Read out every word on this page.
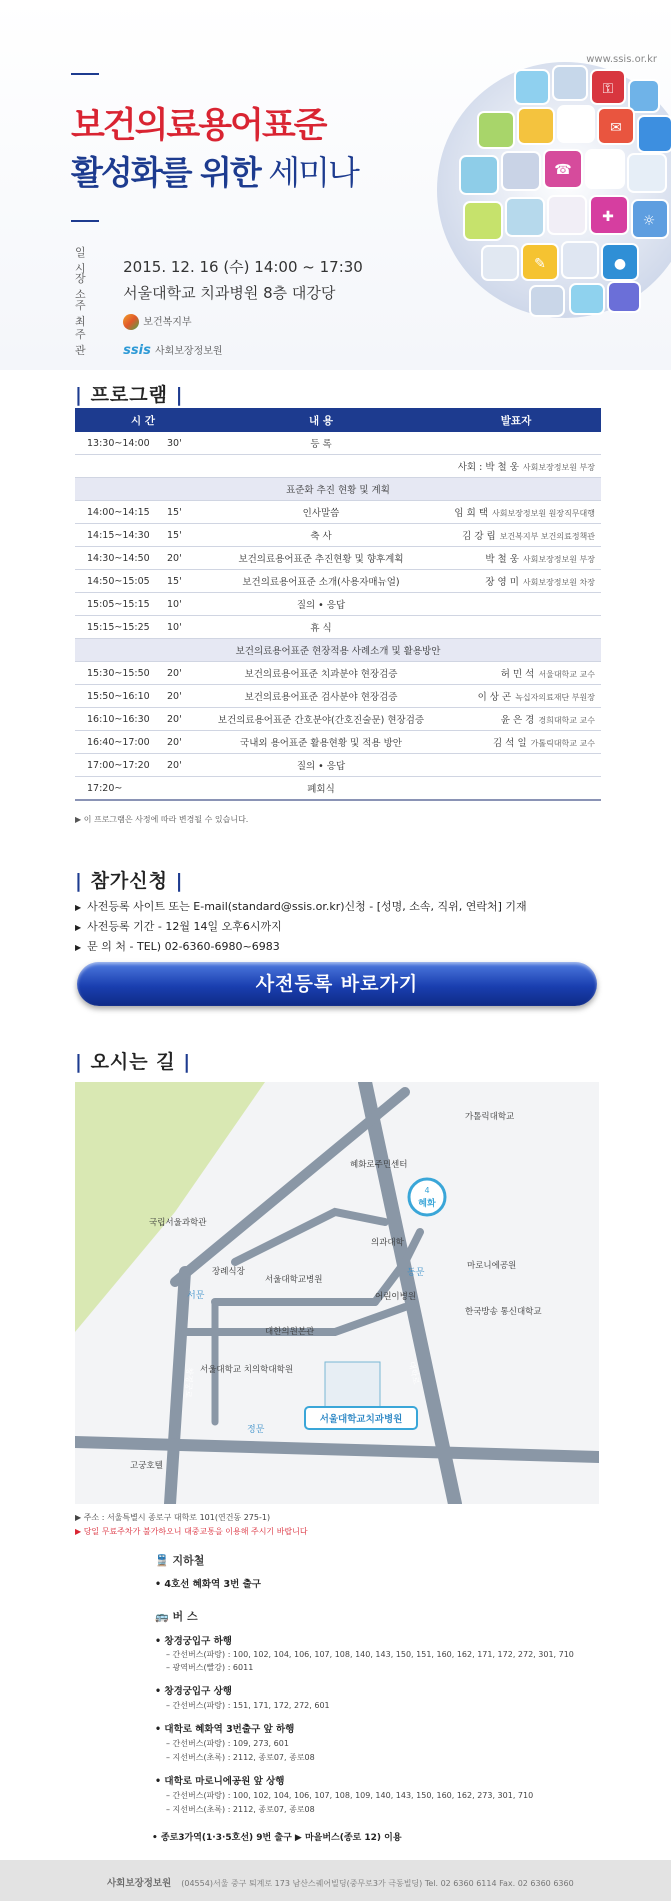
www.ssis.or.kr
⚿
✉
☎
✚ ☼
✎	●
보건의료용어표준
활성화를 위한 세미나
일 시 2015. 12. 16 (수) 14:00 ~ 17:30
장 소 서울대학교 치과병원 8층 대강당
주 최	보건복지부
주 관 ssis 사회보장정보원
| 프로그램 |
시 간		내 용	발표자
13:30~14:00	30'	등 록	
			사회 : 박 철 웅 사회보장정보원 부장
표준화 추진 현황 및 계획			
14:00~14:15	15'	인사말씀	임 희 택 사회보장정보원 원장직무대행
14:15~14:30	15'	축 사	김 강 립 보건복지부 보건의료정책관
14:30~14:50	20'	보건의료용어표준 추진현황 및 향후계획	박 철 웅 사회보장정보원 부장
14:50~15:05	15'	보건의료용어표준 소개(사용자매뉴얼)	장 영 미 사회보장정보원 차장
15:05~15:15	10'	질의 • 응답	
15:15~15:25	10'	휴 식	
보건의료용어표준 현장적용 사례소개 및 활용방안			
15:30~15:50	20'	보건의료용어표준 치과분야 현장검증	허 민 석 서울대학교 교수
15:50~16:10	20'	보건의료용어표준 검사분야 현장검증	이 상 곤 녹십자의료재단 부원장
16:10~16:30	20'	보건의료용어표준 간호분야(간호진술문) 현장검증	윤 은 경 경희대학교 교수
16:40~17:00	20'	국내외 용어표준 활용현황 및 적용 방안	김 석 일 가톨릭대학교 교수
17:00~17:20	20'	질의 • 응답	
17:20~		폐회식	
▶ 이 프로그램은 사정에 따라 변경될 수 있습니다.
| 참가신청 |
▶ 사전등록 사이트 또는 E-mail(standard@ssis.or.kr)신청 - [성명, 소속, 직위, 연락처] 기재
▶ 사전등록 기간 - 12월 14일 오후6시까지
▶ 문 의 처 - TEL) 02-6360-6980~6983
사전등록 바로가기
| 오시는 길 |
4
혜화
가톨릭대학교
혜화로주민센터
국립서울과학관
의과대학
마로니에공원
장례식장
서울대학교병원
서문
동문
어린이병원
한국방송 통신대학교
대한의원본관
서울대학교 치의학대학원
정문
고궁호텔
대학로
창경궁로
서울대학교치과병원
▶ 주소 : 서울특별시 종로구 대학로 101(연건동 275-1)
▶ 당일 무료주차가 불가하오니 대중교통을 이용해 주시기 바랍니다
🚆 지하철
• 4호선 혜화역 3번 출구
🚌 버 스
• 창경궁입구 하행
– 간선버스(파랑) : 100, 102, 104, 106, 107, 108, 140, 143, 150, 151, 160, 162, 171, 172, 272, 301, 710
– 광역버스(빨강) : 6011
• 창경궁입구 상행
– 간선버스(파랑) : 151, 171, 172, 272, 601
• 대학로 혜화역 3번출구 앞 하행
– 간선버스(파랑) : 109, 273, 601
– 지선버스(초록) : 2112, 종로07, 종로08
• 대학로 마로니에공원 앞 상행
– 간선버스(파랑) : 100, 102, 104, 106, 107, 108, 109, 140, 143, 150, 160, 162, 273, 301, 710
– 지선버스(초록) : 2112, 종로07, 종로08
• 종로3가역(1·3·5호선) 9번 출구 ▶ 마을버스(종로 12) 이용
사회보장정보원 (04554)서울 중구 퇴계로 173 남산스퀘어빌딩(중무로3가 극동빌딩) Tel. 02 6360 6114 Fax. 02 6360 6360
